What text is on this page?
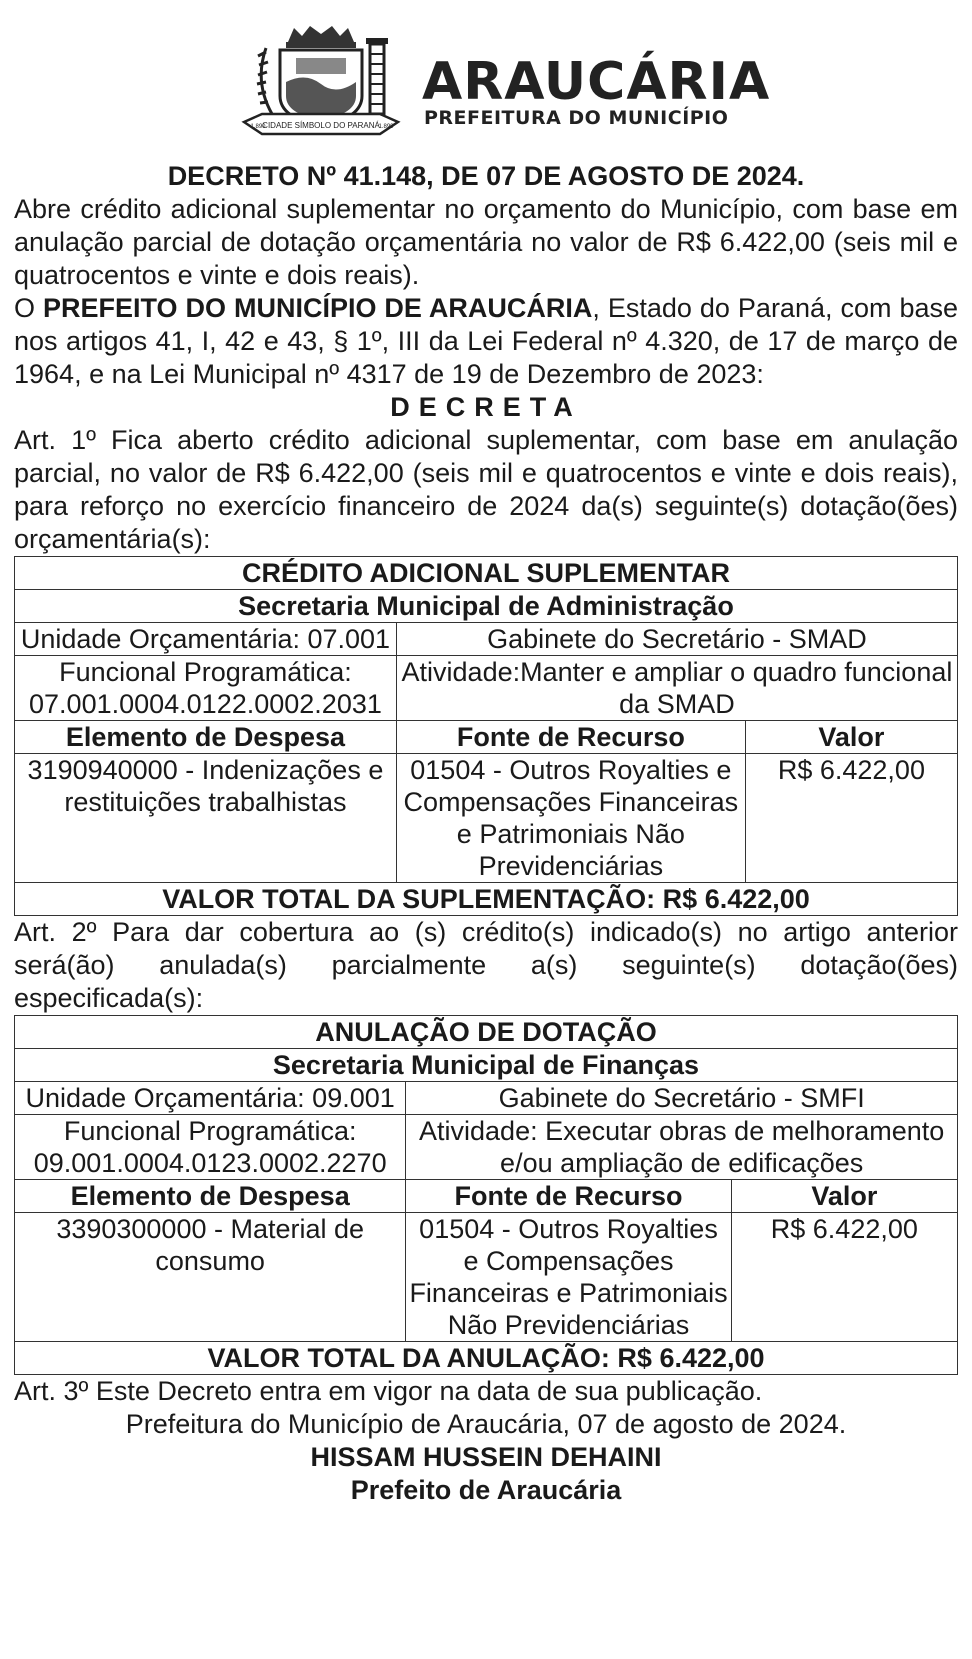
CIDADE SÍMBOLO DO PARANÁ
1.890	1.890
ARAUCÁRIA
PREFEITURA DO MUNICÍPIO
DECRETO Nº 41.148, DE 07 DE AGOSTO DE 2024.

Abre crédito adicional suplementar no orçamento do Município, com base em anulação parcial de dotação orçamentária no valor de R$ 6.422,00 (seis mil e quatrocentos e vinte e dois reais).

O PREFEITO DO MUNICÍPIO DE ARAUCÁRIA, Estado do Paraná, com base nos artigos 41, I, 42 e 43, § 1º, III da Lei Federal nº 4.320, de 17 de março de 1964, e na Lei Municipal nº 4317 de 19 de Dezembro de 2023:

DECRETA

Art. 1º Fica aberto crédito adicional suplementar, com base em anulação parcial, no valor de R$ 6.422,00 (seis mil e quatrocentos e vinte e dois reais), para reforço no exercício financeiro de 2024 da(s) seguinte(s) dotação(ões) orçamentária(s):

CRÉDITO ADICIONAL SUPLEMENTAR		
Secretaria Municipal de Administração		
Unidade Orçamentária: 07.001	Gabinete do Secretário - SMAD	
Funcional Programática: 07.001.0004.0122.0002.2031	Atividade:Manter e ampliar o quadro funcional da SMAD	
Elemento de Despesa	Fonte de Recurso	Valor
3190940000 - Indenizações e restituições trabalhistas	01504 - Outros Royalties e Compensações Financeiras e Patrimoniais Não Previdenciárias	R$ 6.422,00
VALOR TOTAL DA SUPLEMENTAÇÃO: R$ 6.422,00		

Art. 2º Para dar cobertura ao (s) crédito(s) indicado(s) no artigo anterior será(ão) anulada(s) parcialmente a(s) seguinte(s) dotação(ões) especificada(s):

ANULAÇÃO DE DOTAÇÃO		
Secretaria Municipal de Finanças		
Unidade Orçamentária: 09.001	Gabinete do Secretário - SMFI	
Funcional Programática: 09.001.0004.0123.0002.2270	Atividade: Executar obras de melhoramento e/ou ampliação de edificações	
Elemento de Despesa	Fonte de Recurso	Valor
3390300000 - Material de consumo	01504 - Outros Royalties e Compensações Financeiras e Patrimoniais Não Previdenciárias	R$ 6.422,00
VALOR TOTAL DA ANULAÇÃO: R$ 6.422,00		

Art. 3º Este Decreto entra em vigor na data de sua publicação.

Prefeitura do Município de Araucária, 07 de agosto de 2024.
HISSAM HUSSEIN DEHAINI
Prefeito de Araucária
